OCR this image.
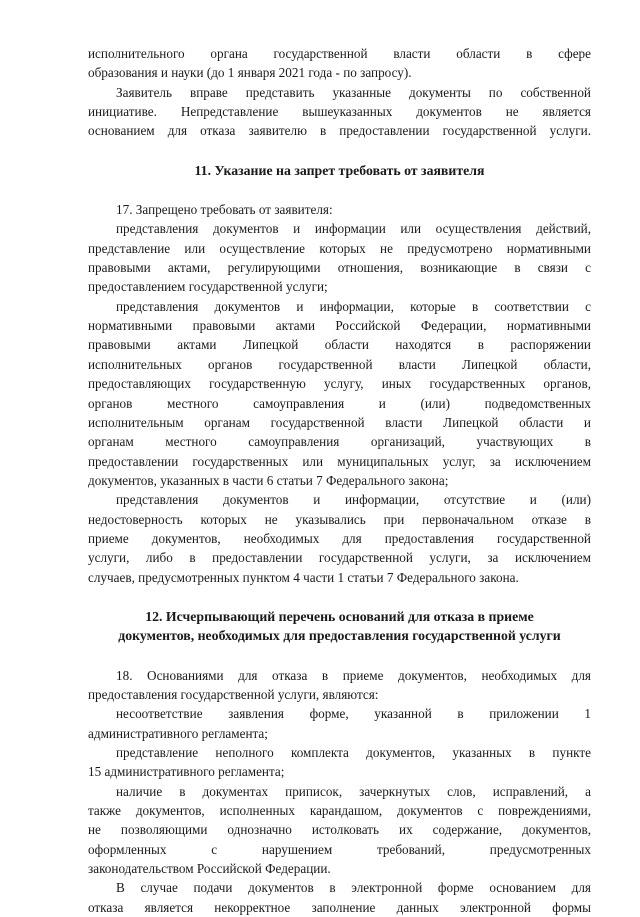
исполнительного органа государственной власти области в сфере
образования и науки (до 1 января 2021 года - по запросу).

Заявитель вправе представить указанные документы по собственной
инициативе. Непредставление вышеуказанных документов не является
основанием для отказа заявителю в предоставлении государственной услуги.

11. Указание на запрет требовать от заявителя

17. Запрещено требовать от заявителя:

представления документов и информации или осуществления действий,
представление или осуществление которых не предусмотрено нормативными
правовыми актами, регулирующими отношения, возникающие в связи с
предоставлением государственной услуги;

представления документов и информации, которые в соответствии с
нормативными правовыми актами Российской Федерации, нормативными
правовыми актами Липецкой области находятся в распоряжении
исполнительных органов государственной власти Липецкой области,
предоставляющих государственную услугу, иных государственных органов,
органов местного самоуправления и (или) подведомственных
исполнительным органам государственной власти Липецкой области и
органам местного самоуправления организаций, участвующих в
предоставлении государственных или муниципальных услуг, за исключением
документов, указанных в части 6 статьи 7 Федерального закона;

представления документов и информации, отсутствие и (или)
недостоверность которых не указывались при первоначальном отказе в
приеме документов, необходимых для предоставления государственной
услуги, либо в предоставлении государственной услуги, за исключением
случаев, предусмотренных пунктом 4 части 1 статьи 7 Федерального закона.

12. Исчерпывающий перечень оснований для отказа в приеме
документов, необходимых для предоставления государственной услуги

18. Основаниями для отказа в приеме документов, необходимых для
предоставления государственной услуги, являются:

несоответствие заявления форме, указанной в приложении 1
административного регламента;

представление неполного комплекта документов, указанных в пункте
15 административного регламента;

наличие в документах приписок, зачеркнутых слов, исправлений, а
также документов, исполненных карандашом, документов с повреждениями,
не позволяющими однозначно истолковать их содержание, документов,
оформленных с нарушением требований, предусмотренных
законодательством Российской Федерации.

В случае подачи документов в электронной форме основанием для
отказа является некорректное заполнение данных электронной формы
